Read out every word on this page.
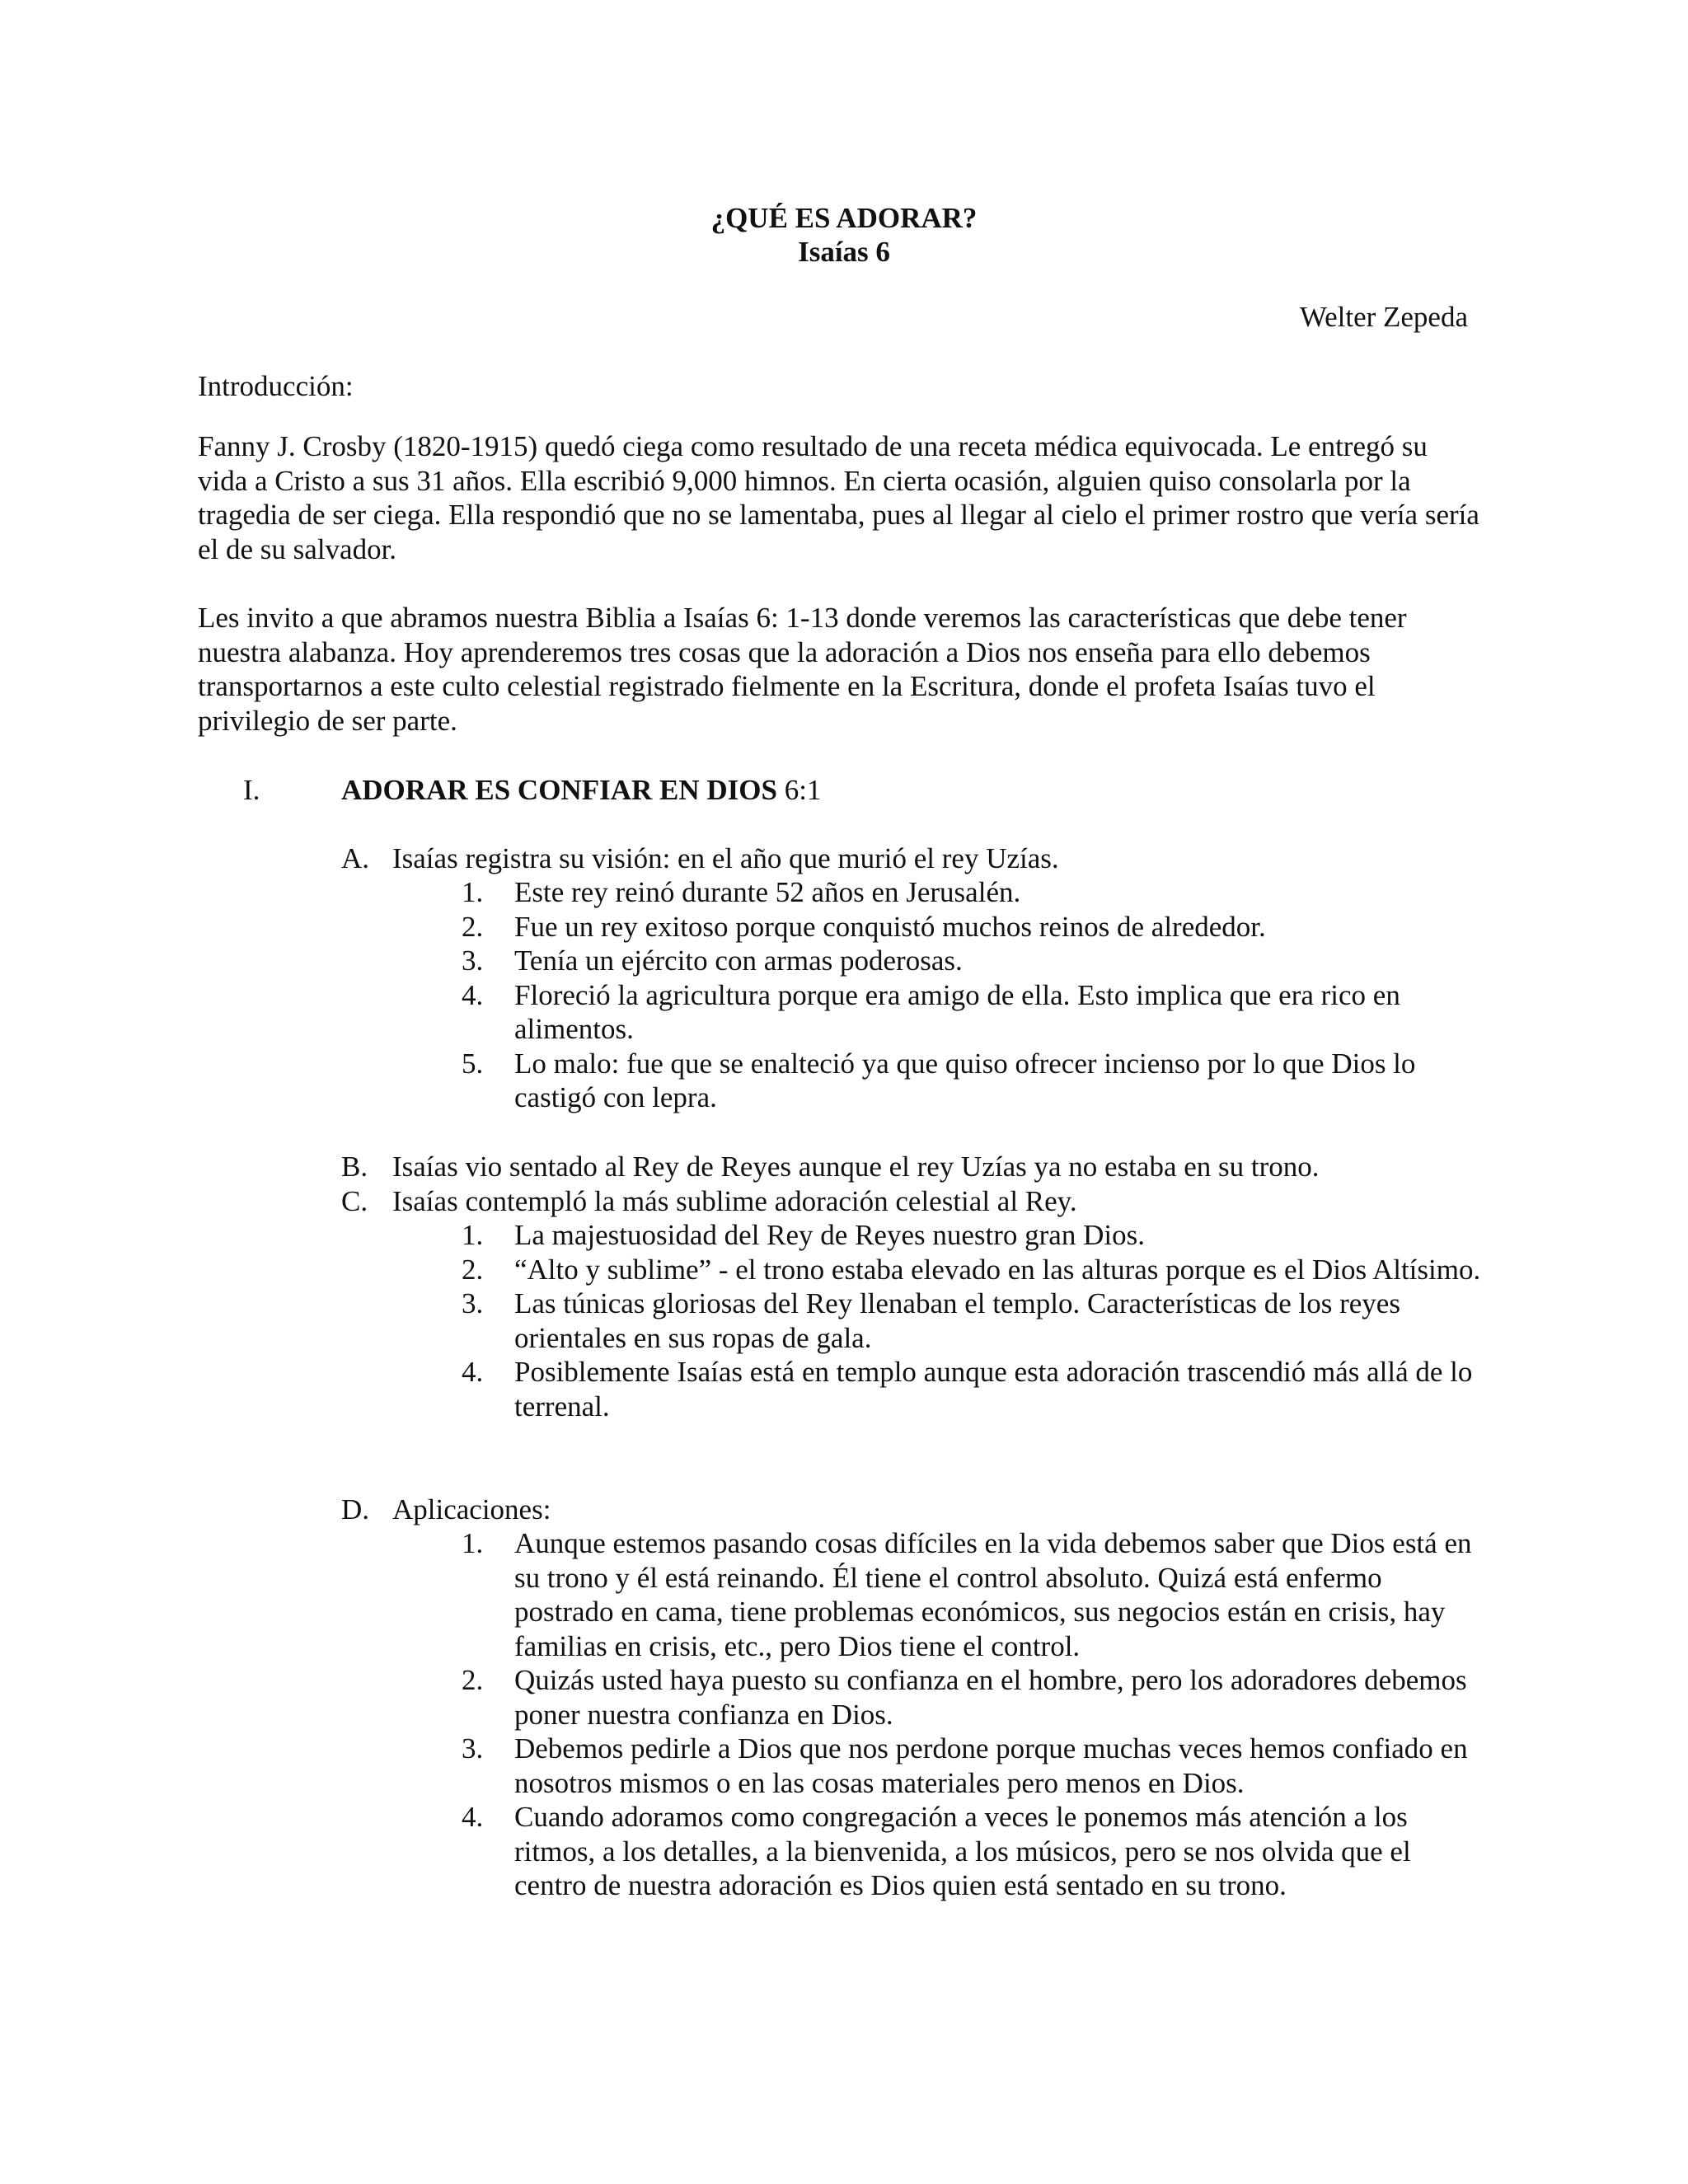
¿QUÉ ES ADORAR?
Isaías 6
Welter Zepeda
Introducción:

Fanny J. Crosby (1820-1915) quedó ciega como resultado de una receta médica equivocada. Le entregó su vida a Cristo a sus 31 años. Ella escribió 9,000 himnos. En cierta ocasión, alguien quiso consolarla por la tragedia de ser ciega. Ella respondió que no se lamentaba, pues al llegar al cielo el primer rostro que vería sería el de su salvador.

Les invito a que abramos nuestra Biblia a Isaías 6: 1-13 donde veremos las características que debe tener nuestra alabanza. Hoy aprenderemos tres cosas que la adoración a Dios nos enseña para ello debemos transportarnos a este culto celestial registrado fielmente en la Escritura, donde el profeta Isaías tuvo el privilegio de ser parte.

I.	ADORAR ES CONFIAR EN DIOS 6:1
A. Isaías registra su visión: en el año que murió el rey Uzías.
1. Este rey reinó durante 52 años en Jerusalén.
2. Fue un rey exitoso porque conquistó muchos reinos de alrededor.
3. Tenía un ejército con armas poderosas.
4. Floreció la agricultura porque era amigo de ella. Esto implica que era rico en alimentos.
5. Lo malo: fue que se enalteció ya que quiso ofrecer incienso por lo que Dios lo castigó con lepra.
B. Isaías vio sentado al Rey de Reyes aunque el rey Uzías ya no estaba en su trono.
C. Isaías contempló la más sublime adoración celestial al Rey.
1. La majestuosidad del Rey de Reyes nuestro gran Dios.
2. “Alto y sublime” - el trono estaba elevado en las alturas porque es el Dios Altísimo.
3. Las túnicas gloriosas del Rey llenaban el templo. Características de los reyes orientales en sus ropas de gala.
4. Posiblemente Isaías está en templo aunque esta adoración trascendió más allá de lo terrenal.
D. Aplicaciones:
1. Aunque estemos pasando cosas difíciles en la vida debemos saber que Dios está en su trono y él está reinando. Él tiene el control absoluto. Quizá está enfermo postrado en cama, tiene problemas económicos, sus negocios están en crisis, hay familias en crisis, etc., pero Dios tiene el control.
2. Quizás usted haya puesto su confianza en el hombre, pero los adoradores debemos poner nuestra confianza en Dios.
3. Debemos pedirle a Dios que nos perdone porque muchas veces hemos confiado en nosotros mismos o en las cosas materiales pero menos en Dios.
4. Cuando adoramos como congregación a veces le ponemos más atención a los ritmos, a los detalles, a la bienvenida, a los músicos, pero se nos olvida que el centro de nuestra adoración es Dios quien está sentado en su trono.
